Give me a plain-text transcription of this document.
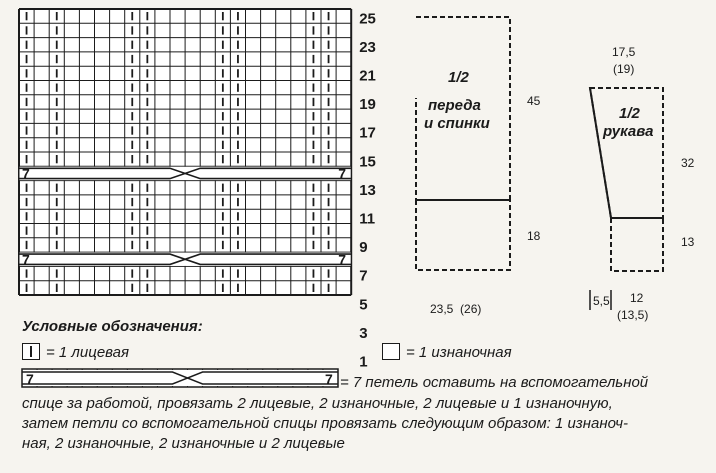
7	7
7	7
25
23
21
19
17
15
13
11
9
7
5
3
1
1/2
переда
и спинки
45
18
23,5  (26)
1/2
рукава
17,5
(19)
32
13
5,5 12
(13,5)
7	7
Условные обозначения:
= 1 лицевая	= 1 изнаночная
= 7 петель оставить на вспомогательной
спице за работой, провязать 2 лицевые, 2 изнаночные, 2 лицевые и 1 изнаночную,
затем петли со вспомогательной спицы провязать следующим образом: 1 изнаноч-
ная, 2 изнаночные, 2 изнаночные и 2 лицевые
